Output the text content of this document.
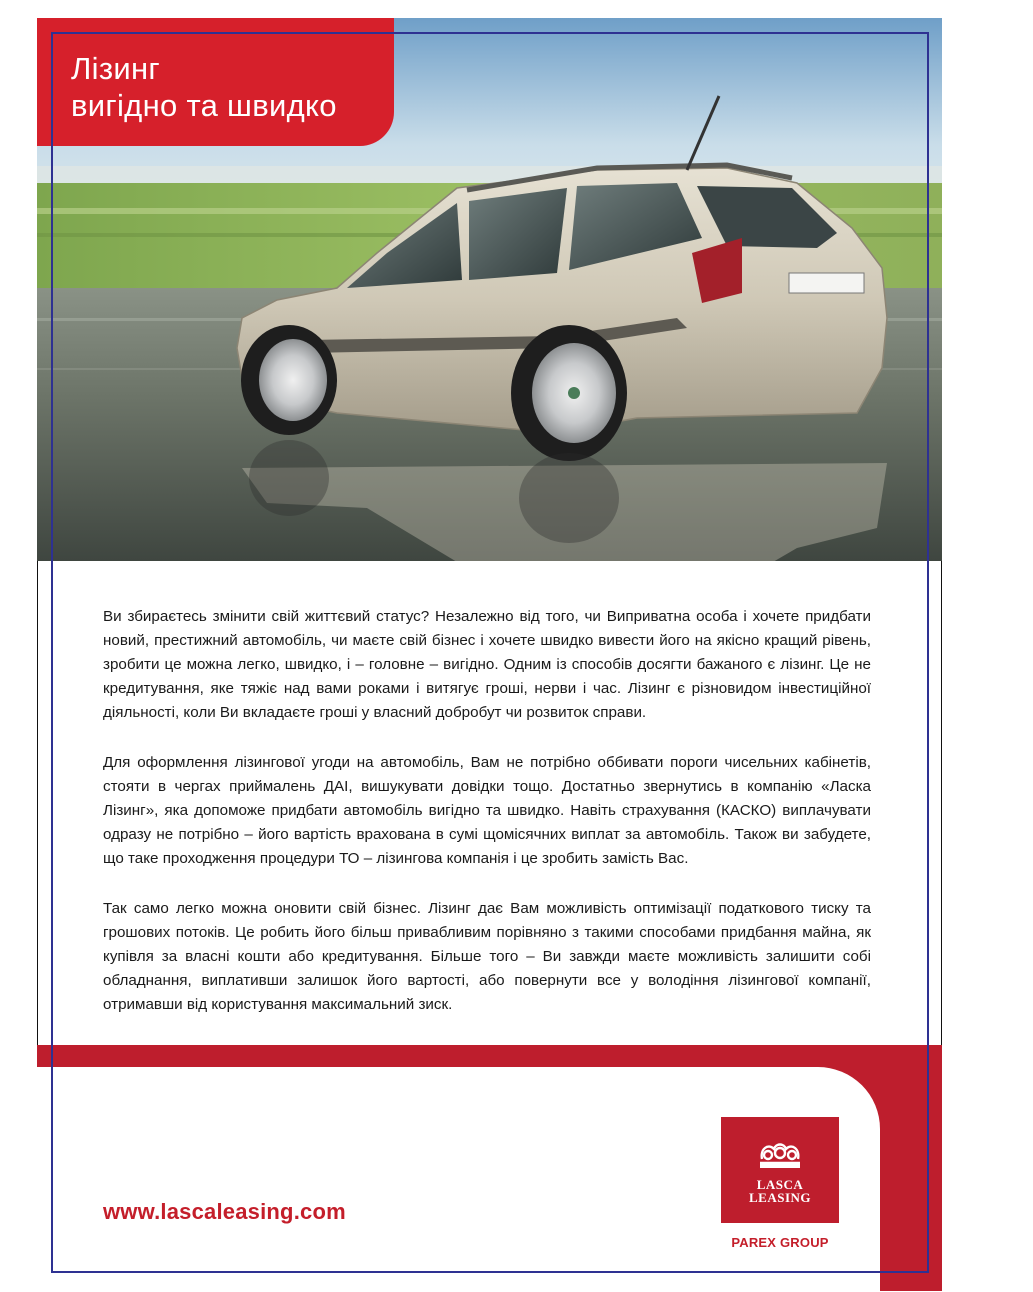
Лізинг
вигідно та швидко

Ви збираєтесь змінити свій життєвий статус? Незалежно від того, чи Виприватна особа і хочете придбати новий, престижний автомобіль, чи маєте свій бізнес і хочете швидко вивести його на якісно кращий рівень, зробити це можна легко, швидко, і – головне – вигідно. Одним із способів досягти бажаного є лізинг. Це не кредитування, яке тяжіє над вами роками і витягує гроші, нерви і час. Лізинг є різновидом інвестиційної діяльності, коли Ви вкладаєте гроші у власний добробут чи розвиток справи.

Для оформлення лізингової угоди на автомобіль, Вам не потрібно оббивати пороги чисельних кабінетів, стояти в чергах приймалень ДАІ, вишукувати довідки тощо. Достатньо звернутись в компанію «Ласка Лізинг», яка допоможе придбати автомобіль вигідно та швидко. Навіть страхування (КАСКО) виплачувати одразу не потрібно – його вартість врахована в сумі щомісячних виплат за автомобіль. Також ви забудете, що таке проходження процедури ТО – лізингова компанія і це зробить замість Вас.

Так само легко можна оновити свій бізнес. Лізинг дає Вам можливість оптимізації податкового тиску та грошових потоків. Це робить його більш привабливим порівняно з такими способами придбання майна, як купівля за власні кошти або кредитування. Більше того – Ви завжди маєте можливість залишити собі обладнання, виплативши залишок його вартості, або повернути все у володіння лізингової компанії, отримавши від користування максимальний зиск.

www.lascaleasing.com
LASCA
LEASING
PAREX GROUP
